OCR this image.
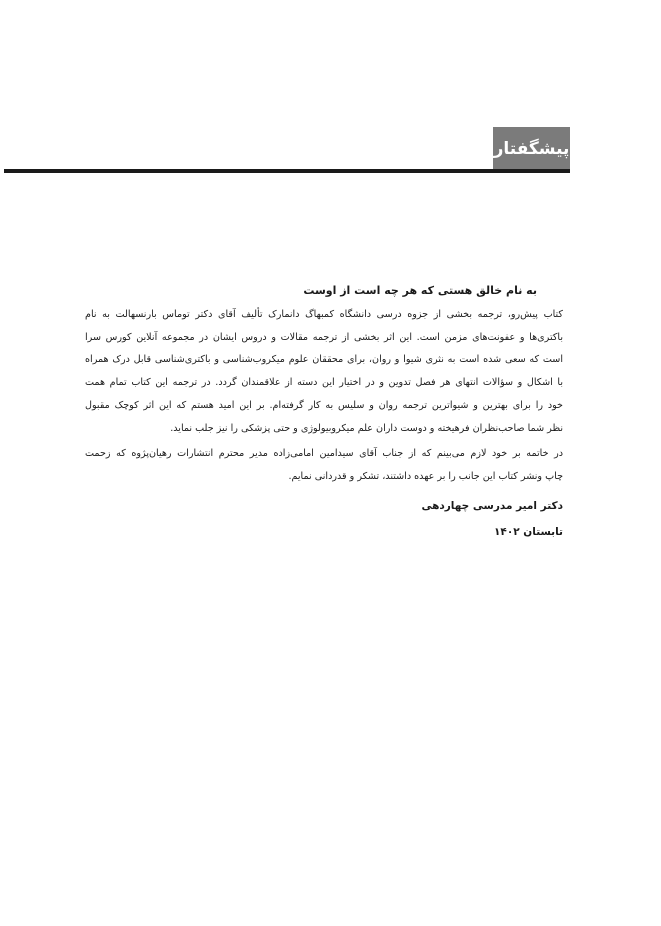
پیشگفتار
به نام خالق هستی که هر چه است از اوست

کتاب پیش‌رو، ترجمه بخشی از جزوه درسی دانشگاه کمبهاگ دانمارک تألیف آقای دکتر توماس بارنسهالت به نام
باکتری‌ها و عفونت‌های مزمن است. این اثر بخشی از ترجمه مقالات و دروس ایشان در مجموعه آنلاین کورس سرا
است که سعی شده است به نثری شیوا و روان، برای محققان علوم میکروب‌شناسی و باکتری‌شناسی قابل درک همراه
با اشکال و سؤالات انتهای هر فصل تدوین و در اختیار این دسته از علاقمندان گردد. در ترجمه این کتاب تمام همت
خود را برای بهترین و شیواترین ترجمه روان و سلیس به کار گرفته‌ام. بر این امید هستم که این اثر کوچک مقبول
نظر شما صاحب‌نظران فرهیخته و دوست داران علم میکروبیولوژی و حتی پزشکی را نیز جلب نماید.

در خاتمه بر خود لازم می‌بینم که از جناب آقای سید‌امین امامی‌زاده مدیر محترم انتشارات رهیان‌پژوه که زحمت
چاپ ونشر کتاب این جانب را بر عهده داشتند، تشکر و قدردانی نمایم.

دکتر امیر مدرسی چهاردهی
تابستان ۱۴۰۲
